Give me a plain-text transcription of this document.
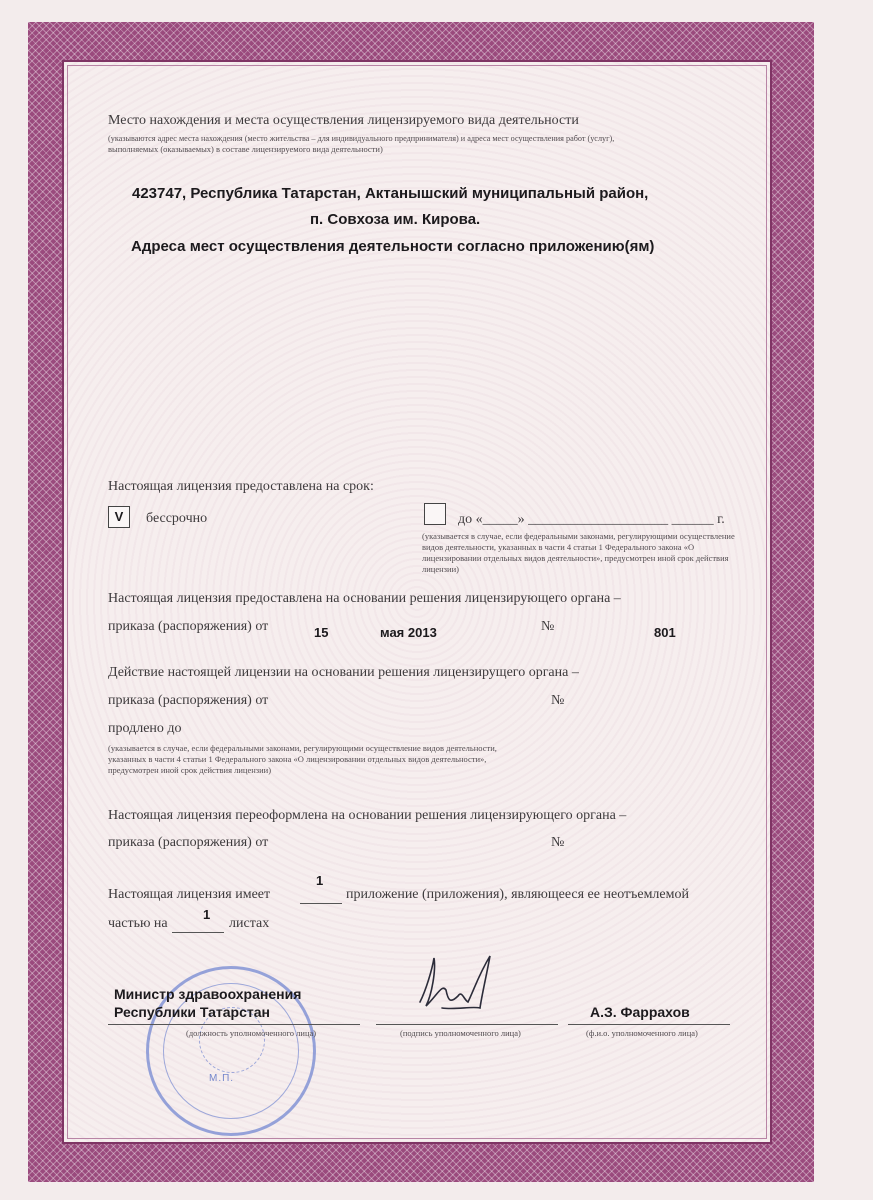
Место нахождения и места осуществления лицензируемого вида деятельности

(указываются адрес места нахождения (место жительства – для индивидуального предпринимателя) и адреса мест осуществления работ (услуг),

выполняемых (оказываемых) в составе лицензируемого вида деятельности)

423747, Республика Татарстан, Актанышский муниципальный район,

п. Совхоза им. Кирова.

Адреса мест осуществления деятельности согласно приложению(ям)

Настоящая лицензия предоставлена на срок:

V	бессрочно	до «_____» ____________________ ______ г.

(указывается в случае, если федеральными законами, регулирующими осуществление видов деятельности, указанных в части 4 статьи 1 Федерального закона «О лицензировании отдельных видов деятельности», предусмотрен иной срок действия лицензии)

Настоящая лицензия предоставлена на основании решения лицензирующего органа –

приказа (распоряжения) от	15	мая 2013	№	801

Действие настоящей лицензии на основании решения лицензирущего органа –

приказа (распоряжения) от	№

продлено до

(указывается в случае, если федеральными законами, регулирующими осуществление видов деятельности, указанных в части 4 статьи 1 Федерального закона «О лицензировании отдельных видов деятельности», предусмотрен иной срок действия лицензии)

Настоящая лицензия переоформлена на основании решения лицензирующего органа –

приказа (распоряжения) от	№

Настоящая лицензия имеет

1

приложение (приложения), являющееся ее неотъемлемой

частью на

1

листах

М.П.

Министр здравоохранения

Республики Татарстан

(должность уполномоченного лица)	(подпись уполномоченного лица)

А.З. Фаррахов

(ф.и.о. уполномоченного лица)
